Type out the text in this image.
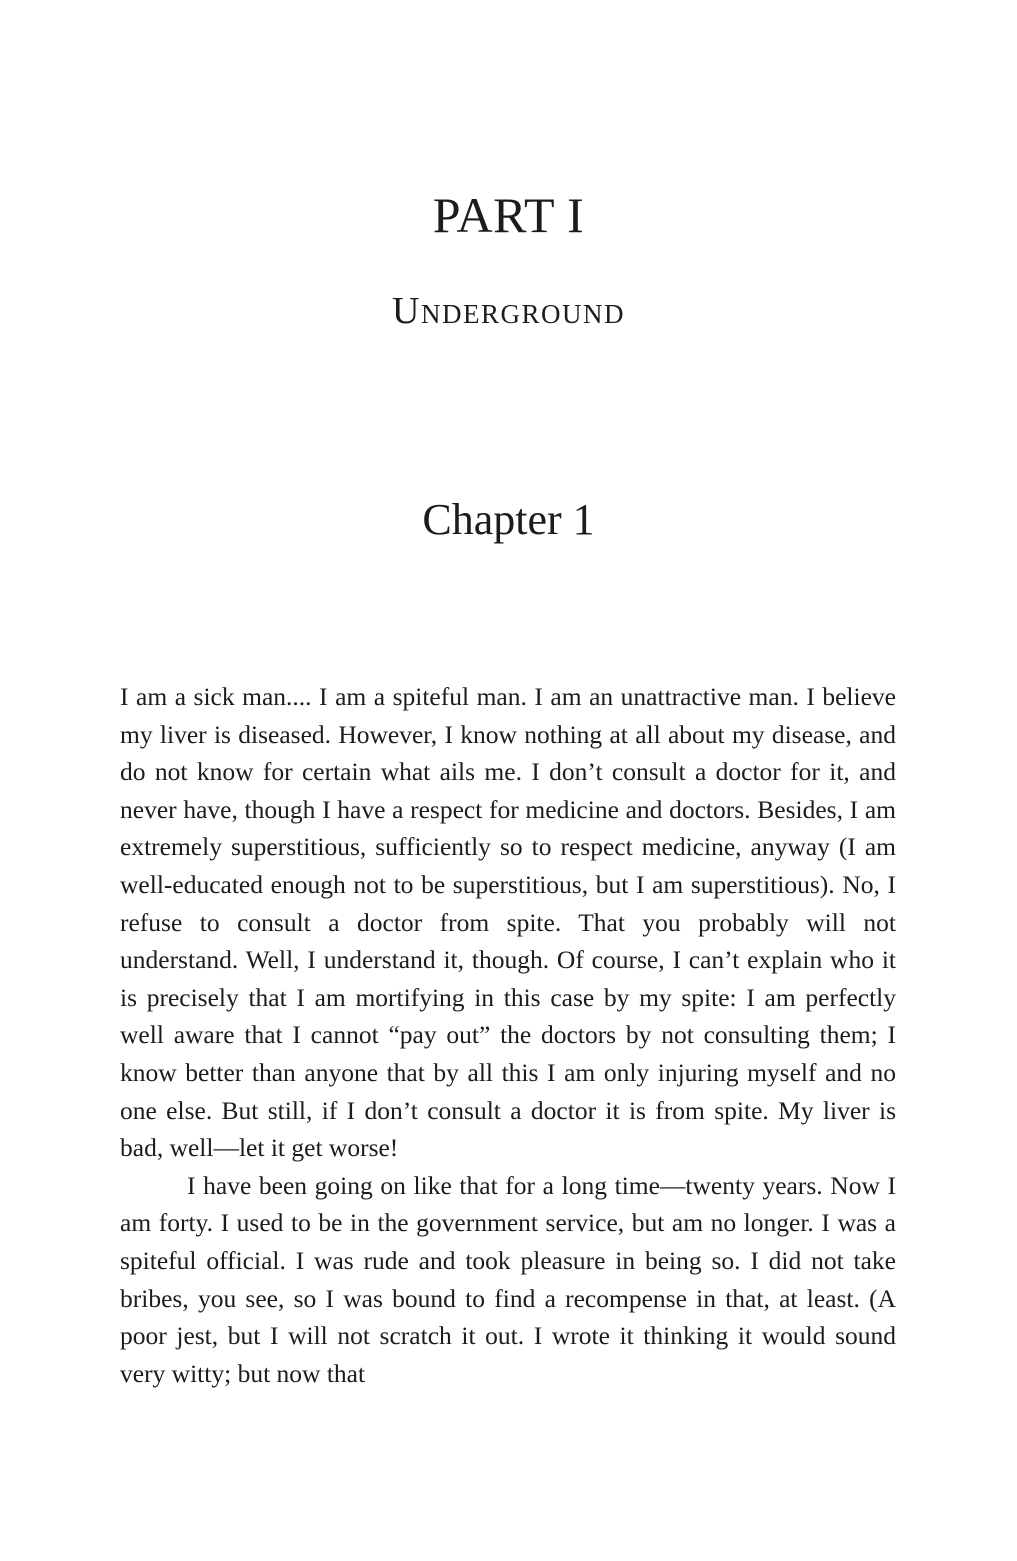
PART I
Underground
Chapter 1

I am a sick man.... I am a spiteful man. I am an unattractive man. I believe my liver is diseased. However, I know nothing at all about my disease, and do not know for certain what ails me. I don’t consult a doctor for it, and never have, though I have a respect for medicine and doctors. Besides, I am extremely superstitious, sufficiently so to respect medicine, anyway (I am well-educated enough not to be superstitious, but I am superstitious). No, I refuse to consult a doctor from spite. That you probably will not understand. Well, I understand it, though. Of course, I can’t explain who it is precisely that I am mortifying in this case by my spite: I am perfectly well aware that I cannot “pay out” the doctors by not consulting them; I know better than anyone that by all this I am only injuring myself and no one else. But still, if I don’t consult a doctor it is from spite. My liver is bad, well—let it get worse!

I have been going on like that for a long time—twenty years. Now I am forty. I used to be in the government service, but am no longer. I was a spiteful official. I was rude and took pleasure in being so. I did not take bribes, you see, so I was bound to find a recompense in that, at least. (A poor jest, but I will not scratch it out. I wrote it thinking it would sound very witty; but now that
